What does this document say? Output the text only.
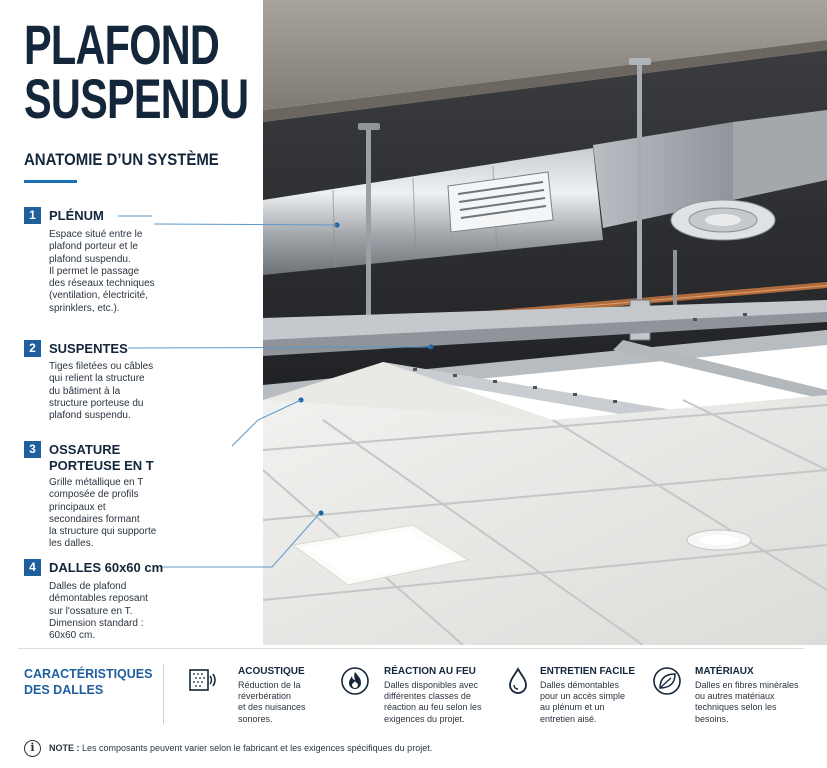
PLAFOND
SUSPENDU
ANATOMIE D’UN SYSTÈME
1	PLÉNUM
Espace situé entre le
plafond porteur et le
plafond suspendu.
Il permet le passage
des réseaux techniques
(ventilation, électricité,
sprinklers, etc.).
2	SUSPENTES
Tiges filetées ou câbles
qui relient la structure
du bâtiment à la
structure porteuse du
plafond suspendu.
3	OSSATURE
PORTEUSE EN T
Grille métallique en T
composée de profils
principaux et
secondaires formant
la structure qui supporte
les dalles.
4	DALLES 60x60 cm
Dalles de plafond
démontables reposant
sur l'ossature en T.
Dimension standard :
60x60 cm.
CARACTÉRISTIQUES
DES DALLES
ACOUSTIQUE
Réduction de la
réverbération
et des nuisances
sonores.
RÉACTION AU FEU
Dalles disponibles avec
différentes classes de
réaction au feu selon les
exigences du projet.
ENTRETIEN FACILE
Dalles démontables
pour un accès simple
au plénum et un
entretien aisé.
MATÉRIAUX
Dalles en fibres minérales
ou autres matériaux
techniques selon les
besoins.
i	NOTE : Les composants peuvent varier selon le fabricant et les exigences spécifiques du projet.
